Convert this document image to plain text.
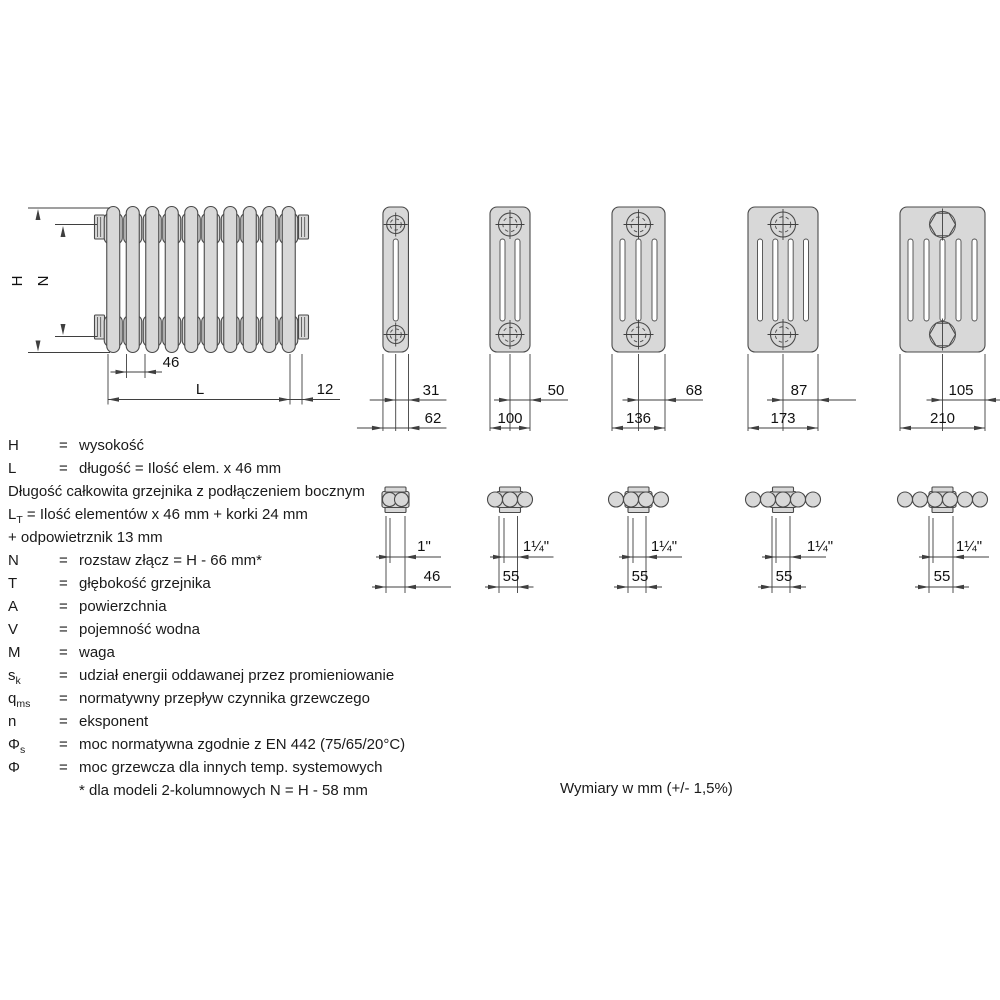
H N
46
L	12	31
62
50
100
68
136
87
173
105
210
1"
46
1¼"
55
1¼"
55
1¼"
55
1¼"
55
H	= wysokość
L	= długość = Ilość elem. x 46 mm
Długość całkowita grzejnika z podłączeniem bocznym
$L_T$ = Ilość elementów x 46 mm + korki 24 mm
+ odpowietrznik 13 mm
N	= rozstaw złącz = H - 66 mm*
T	= głębokość grzejnika
A	= powierzchnia
V	= pojemność wodna
M	= waga
$s_k$	= udział energii oddawanej przez promieniowanie
$q_{ms}$ = normatywny przepływ czynnika grzewczego
n	= eksponent
$\Phi_s$ = moc normatywna zgodnie z EN 442 (75/65/20°C)
Φ	= moc grzewcza dla innych temp. systemowych
* dla modeli 2-kolumnowych N = H - 58 mm	Wymiary w mm (+/- 1,5%)
